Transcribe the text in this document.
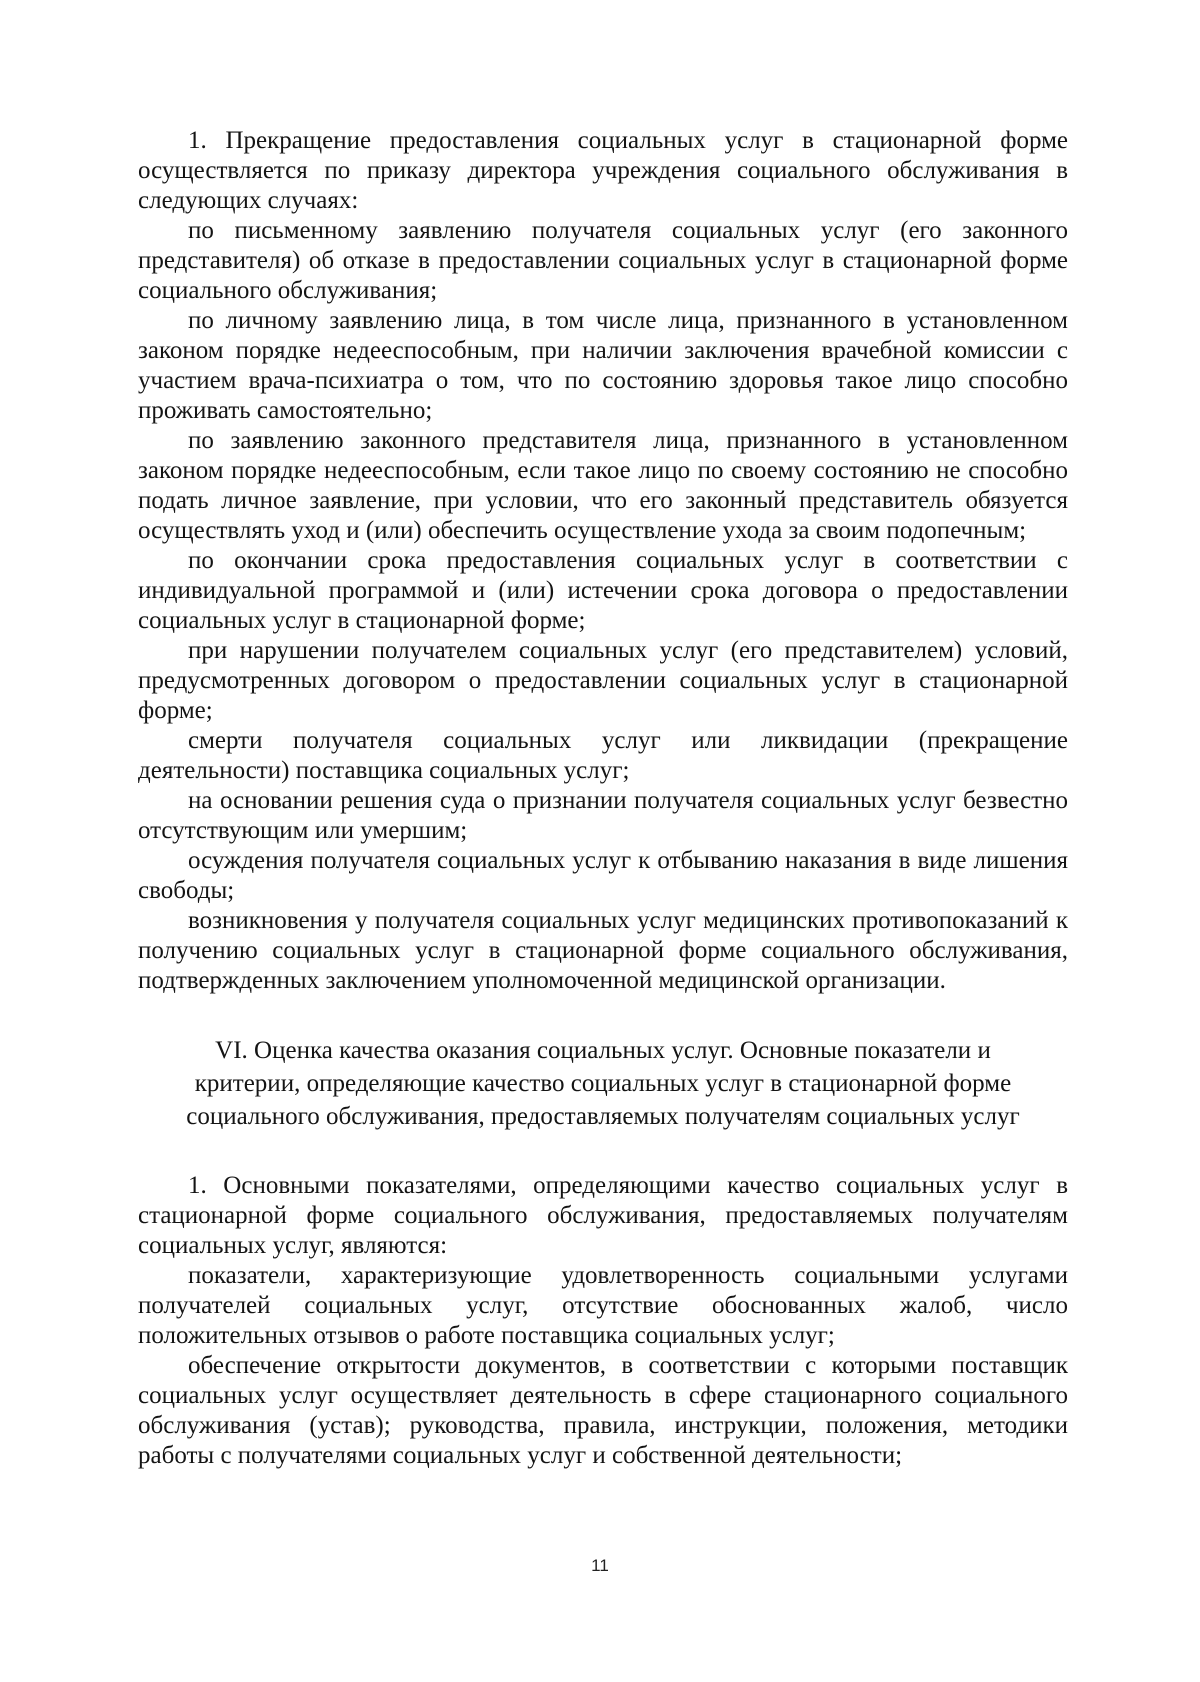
1. Прекращение предоставления социальных услуг в стационарной форме осуществляется по приказу директора учреждения социального обслуживания в следующих случаях:

по письменному заявлению получателя социальных услуг (его законного представителя) об отказе в предоставлении социальных услуг в стационарной форме социального обслуживания;

по личному заявлению лица, в том числе лица, признанного в установленном законом порядке недееспособным, при наличии заключения врачебной комиссии с участием врача-психиатра о том, что по состоянию здоровья такое лицо способно проживать самостоятельно;

по заявлению законного представителя лица, признанного в установленном законом порядке недееспособным, если такое лицо по своему состоянию не способно подать личное заявление, при условии, что его законный представитель обязуется осуществлять уход и (или) обеспечить осуществление ухода за своим подопечным;

по окончании срока предоставления социальных услуг в соответствии с индивидуальной программой и (или) истечении срока договора о предоставлении социальных услуг в стационарной форме;

при нарушении получателем социальных услуг (его представителем) условий, предусмотренных договором о предоставлении социальных услуг в стационарной форме;

смерти получателя социальных услуг или ликвидации (прекращение деятельности) поставщика социальных услуг;

на основании решения суда о признании получателя социальных услуг безвестно отсутствующим или умершим;

осуждения получателя социальных услуг к отбыванию наказания в виде лишения свободы;

возникновения у получателя социальных услуг медицинских противопоказаний к получению социальных услуг в стационарной форме социального обслуживания, подтвержденных заключением уполномоченной медицинской организации.

VI. Оценка качества оказания социальных услуг. Основные показатели и критерии, определяющие качество социальных услуг в стационарной форме социального обслуживания, предоставляемых получателям социальных услуг

1. Основными показателями, определяющими качество социальных услуг в стационарной форме социального обслуживания, предоставляемых получателям социальных услуг, являются:

показатели, характеризующие удовлетворенность социальными услугами получателей социальных услуг, отсутствие обоснованных жалоб, число положительных отзывов о работе поставщика социальных услуг;

обеспечение открытости документов, в соответствии с которыми поставщик социальных услуг осуществляет деятельность в сфере стационарного социального обслуживания (устав); руководства, правила, инструкции, положения, методики работы с получателями социальных услуг и собственной деятельности;

11
